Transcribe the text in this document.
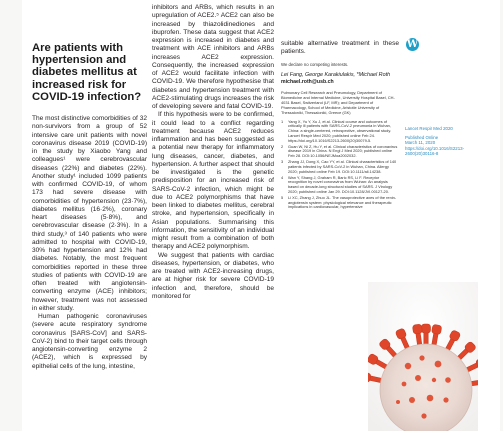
Are patients with hypertension and diabetes mellitus at increased risk for COVID-19 infection?

The most distinctive comorbidities of 32 non-survivors from a group of 52 intensive care unit patients with novel coronavirus disease 2019 (COVID-19) in the study by Xiaobo Yang and colleagues¹ were cerebrovascular diseases (22%) and diabetes (22%). Another study¹ included 1099 patients with confirmed COVID-19, of whom 173 had severe disease with comorbidities of hypertension (23·7%), diabetes mellitus (16·2%), coronary heart diseases (5·8%), and cerebrovascular disease (2·3%). In a third study,³ of 140 patients who were admitted to hospital with COVID-19, 30% had hypertension and 12% had diabetes. Notably, the most frequent comorbidities reported in these three studies of patients with COVID-19 are often treated with angiotensin-converting enzyme (ACE) inhibitors; however, treatment was not assessed in either study.

Human pathogenic coronaviruses (severe acute respiratory syndrome coronavirus [SARS-CoV] and SARS-CoV-2) bind to their target cells through angiotensin-converting enzyme 2 (ACE2), which is expressed by epithelial cells of the lung, intestine,

inhibitors and ARBs, which results in an upregulation of ACE2.⁵ ACE2 can also be increased by thiazolidinediones and ibuprofen. These data suggest that ACE2 expression is increased in diabetes and treatment with ACE inhibitors and ARBs increases ACE2 expression. Consequently, the increased expression of ACE2 would facilitate infection with COVID-19. We therefore hypothesise that diabetes and hypertension treatment with ACE2-stimulating drugs increases the risk of developing severe and fatal COVID-19.

If this hypothesis were to be confirmed, it could lead to a conflict regarding treatment because ACE2 reduces inflammation and has been suggested as a potential new therapy for inflammatory lung diseases, cancer, diabetes, and hypertension. A further aspect that should be investigated is the genetic predisposition for an increased risk of SARS-CoV-2 infection, which might be due to ACE2 polymorphisms that have been linked to diabetes mellitus, cerebral stroke, and hypertension, specifically in Asian populations. Summarising this information, the sensitivity of an individual might result from a combination of both therapy and ACE2 polymorphism.

We suggest that patients with cardiac diseases, hypertension, or diabetes, who are treated with ACE2-increasing drugs, are at higher risk for severe COVID-19 infection and, therefore, should be monitored for

suitable alternative treatment in these patients.
We declare no competing interests.
Lei Fang, George Karakiulakis, *Michael Roth
michael.roth@usb.ch
Pulmonary Cell Research and Pneumology, Department of Biomedicine and Internal Medicine, University Hospital Basel, CH-4031 Basel, Switzerland (LF, MR); and Department of Pharmacology, School of Medicine, Aristotle University of Thessaloniki, Thessaloniki, Greece (GK)
1	Yang X, Yu Y, Xu J, et al. Clinical course and outcomes of critically ill patients with SARS-CoV-2 pneumonia in Wuhan, China: a single-centered, retrospective, observational study. Lancet Respir Med 2020; published online Feb 24. https://doi.org/10.1016/S2213-2600(20)30079-5.
2	Guan W, Ni Z, Hu Y, et al. Clinical characteristics of coronavirus disease 2019 in China. N Engl J Med 2020; published online Feb 28. DOI:10.1056/NEJMoa2002032.
3	Zhang JJ, Dong X, Cao YY, et al. Clinical characteristics of 140 patients infected by SARS-CoV-2 in Wuhan, China. Allergy 2020; published online Feb 19. DOI:10.1111/all.14238.
4	Wan Y, Shang J, Graham R, Baric RS, Li F. Receptor recognition by novel coronavirus from Wuhan: An analysis based on decade-long structural studies of SARS. J Virology 2020; published online Jan 29. DOI:10.1128/JVI.00127-20.
5	Li XC, Zhang J, Zhuo JL. The vasoprotective axes of the renin-angiotensin system: physiological relevance and therapeutic implications in cardiovascular, hypertensive
W
Lancet Respir Med 2020
Published Online
March 11, 2020
https://doi.org/10.1016/S2213-2600(20)30116-8
